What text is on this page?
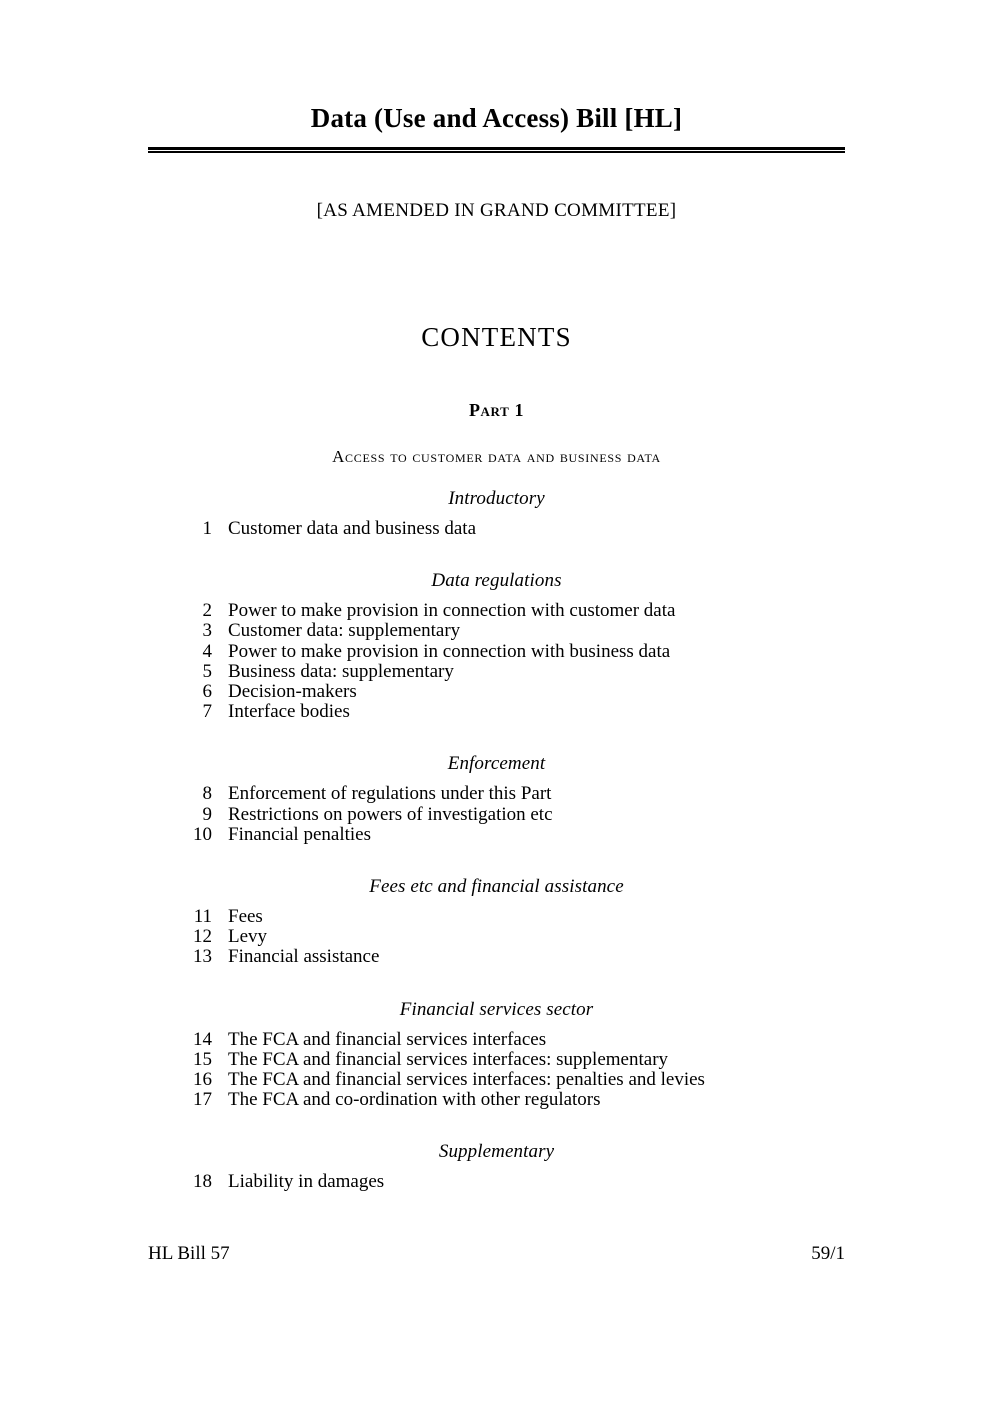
Data (Use and Access) Bill [HL]
[AS AMENDED IN GRAND COMMITTEE]
CONTENTS
Part 1
Access to customer data and business data
Introductory
1 Customer data and business data
Data regulations
2 Power to make provision in connection with customer data
3 Customer data: supplementary
4 Power to make provision in connection with business data
5 Business data: supplementary
6 Decision-makers
7 Interface bodies
Enforcement
8 Enforcement of regulations under this Part
9 Restrictions on powers of investigation etc
10 Financial penalties
Fees etc and financial assistance
11 Fees
12 Levy
13 Financial assistance
Financial services sector
14 The FCA and financial services interfaces
15 The FCA and financial services interfaces: supplementary
16 The FCA and financial services interfaces: penalties and levies
17 The FCA and co-ordination with other regulators
Supplementary
18 Liability in damages
HL Bill 57	59/1
